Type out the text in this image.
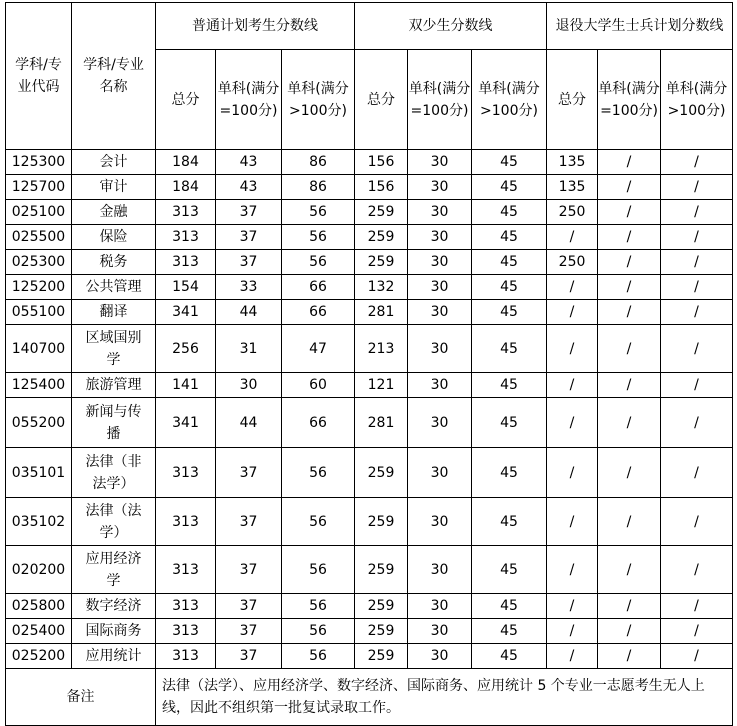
学科/专业代码	学科/专业名称	普通计划考生分数线			双少生分数线			退役大学生士兵计划分数线		
		总分	单科(满分=100分)	单科(满分>100分)	总分	单科(满分=100分)	单科(满分>100分)	总分	单科(满分=100分)	单科(满分>100分)
125300	会计	184	43	86	156	30	45	135	/	/
125700	审计	184	43	86	156	30	45	135	/	/
025100	金融	313	37	56	259	30	45	250	/	/
025500	保险	313	37	56	259	30	45	/	/	/
025300	税务	313	37	56	259	30	45	250	/	/
125200	公共管理	154	33	66	132	30	45	/	/	/
055100	翻译	341	44	66	281	30	45	/	/	/
140700	区域国别学	256	31	47	213	30	45	/	/	/
125400	旅游管理	141	30	60	121	30	45	/	/	/
055200	新闻与传播	341	44	66	281	30	45	/	/	/
035101	法律（非法学）	313	37	56	259	30	45	/	/	/
035102	法律（法学）	313	37	56	259	30	45	/	/	/
020200	应用经济学	313	37	56	259	30	45	/	/	/
025800	数字经济	313	37	56	259	30	45	/	/	/
025400	国际商务	313	37	56	259	30	45	/	/	/
025200	应用统计	313	37	56	259	30	45	/	/	/
备注		法律（法学）、应用经济学、数字经济、国际商务、应用统计 5 个专业一志愿考生无人上线，因此不组织第一批复试录取工作。								
